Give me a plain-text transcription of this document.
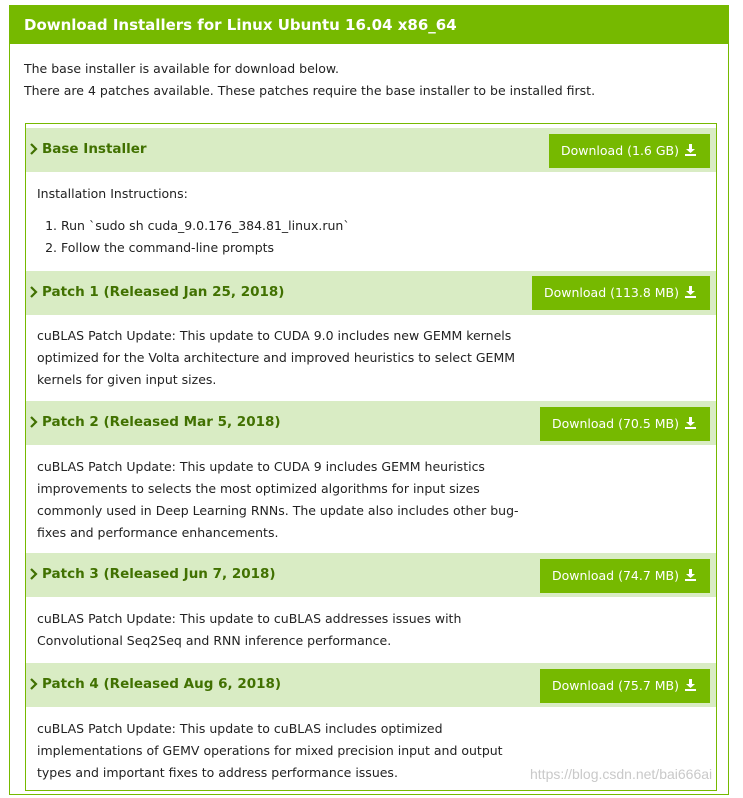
Download Installers for Linux Ubuntu 16.04 x86_64

The base installer is available for download below.

There are 4 patches available. These patches require the base installer to be installed first.

Base Installer	Download (1.6 GB)

Installation Instructions:

1. Run `sudo sh cuda_9.0.176_384.81_linux.run`
2. Follow the command-line prompts
Patch 1 (Released Jan 25, 2018)	Download (113.8 MB)

cuBLAS Patch Update: This update to CUDA 9.0 includes new GEMM kernels

optimized for the Volta architecture and improved heuristics to select GEMM

kernels for given input sizes.

Patch 2 (Released Mar 5, 2018)	Download (70.5 MB)

cuBLAS Patch Update: This update to CUDA 9 includes GEMM heuristics

improvements to selects the most optimized algorithms for input sizes

commonly used in Deep Learning RNNs. The update also includes other bug-

fixes and performance enhancements.

Patch 3 (Released Jun 7, 2018)	Download (74.7 MB)

cuBLAS Patch Update: This update to cuBLAS addresses issues with

Convolutional Seq2Seq and RNN inference performance.

Patch 4 (Released Aug 6, 2018)	Download (75.7 MB)

cuBLAS Patch Update: This update to cuBLAS includes optimized

implementations of GEMV operations for mixed precision input and output

types and important fixes to address performance issues.	https://blog.csdn.net/bai666ai
